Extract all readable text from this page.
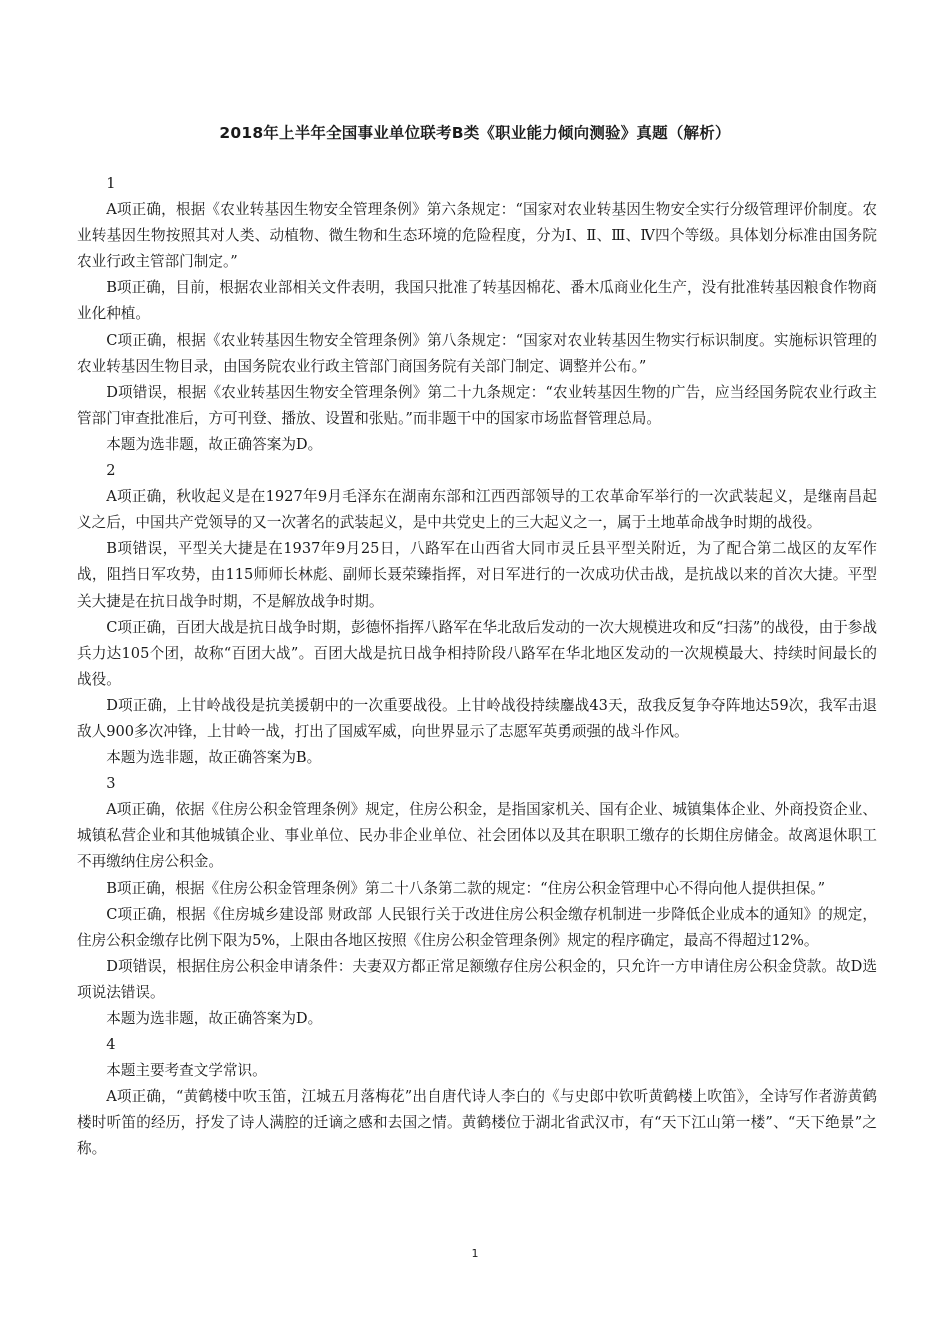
2018年上半年全国事业单位联考B类《职业能力倾向测验》真题（解析）

1

A项正确，根据《农业转基因生物安全管理条例》第六条规定：“国家对农业转基因生物安全实行分级管理评价制度。农业转基因生物按照其对人类、动植物、微生物和生态环境的危险程度，分为Ⅰ、Ⅱ、Ⅲ、Ⅳ四个等级。具体划分标准由国务院农业行政主管部门制定。”

B项正确，目前，根据农业部相关文件表明，我国只批准了转基因棉花、番木瓜商业化生产，没有批准转基因粮食作物商业化种植。

C项正确，根据《农业转基因生物安全管理条例》第八条规定：“国家对农业转基因生物实行标识制度。实施标识管理的农业转基因生物目录，由国务院农业行政主管部门商国务院有关部门制定、调整并公布。”

D项错误，根据《农业转基因生物安全管理条例》第二十九条规定：“农业转基因生物的广告，应当经国务院农业行政主管部门审查批准后，方可刊登、播放、设置和张贴。”而非题干中的国家市场监督管理总局。

本题为选非题，故正确答案为D。

2

A项正确，秋收起义是在1927年9月毛泽东在湖南东部和江西西部领导的工农革命军举行的一次武装起义，是继南昌起义之后，中国共产党领导的又一次著名的武装起义，是中共党史上的三大起义之一，属于土地革命战争时期的战役。

B项错误，平型关大捷是在1937年9月25日，八路军在山西省大同市灵丘县平型关附近，为了配合第二战区的友军作战，阻挡日军攻势，由115师师长林彪、副师长聂荣臻指挥，对日军进行的一次成功伏击战，是抗战以来的首次大捷。平型关大捷是在抗日战争时期，不是解放战争时期。

C项正确，百团大战是抗日战争时期，彭德怀指挥八路军在华北敌后发动的一次大规模进攻和反“扫荡”的战役，由于参战兵力达105个团，故称“百团大战”。百团大战是抗日战争相持阶段八路军在华北地区发动的一次规模最大、持续时间最长的战役。

D项正确，上甘岭战役是抗美援朝中的一次重要战役。上甘岭战役持续鏖战43天，敌我反复争夺阵地达59次，我军击退敌人900多次冲锋，上甘岭一战，打出了国威军威，向世界显示了志愿军英勇顽强的战斗作风。

本题为选非题，故正确答案为B。

3

A项正确，依据《住房公积金管理条例》规定，住房公积金，是指国家机关、国有企业、城镇集体企业、外商投资企业、城镇私营企业和其他城镇企业、事业单位、民办非企业单位、社会团体以及其在职职工缴存的长期住房储金。故离退休职工不再缴纳住房公积金。

B项正确，根据《住房公积金管理条例》第二十八条第二款的规定：“住房公积金管理中心不得向他人提供担保。”

C项正确，根据《住房城乡建设部 财政部 人民银行关于改进住房公积金缴存机制进一步降低企业成本的通知》的规定，住房公积金缴存比例下限为5%，上限由各地区按照《住房公积金管理条例》规定的程序确定，最高不得超过12%。

D项错误，根据住房公积金申请条件：夫妻双方都正常足额缴存住房公积金的，只允许一方申请住房公积金贷款。故D选项说法错误。

本题为选非题，故正确答案为D。

4

本题主要考查文学常识。

A项正确，“黄鹤楼中吹玉笛，江城五月落梅花”出自唐代诗人李白的《与史郎中钦听黄鹤楼上吹笛》，全诗写作者游黄鹤楼时听笛的经历，抒发了诗人满腔的迁谪之感和去国之情。黄鹤楼位于湖北省武汉市，有“天下江山第一楼”、“天下绝景”之称。

1
